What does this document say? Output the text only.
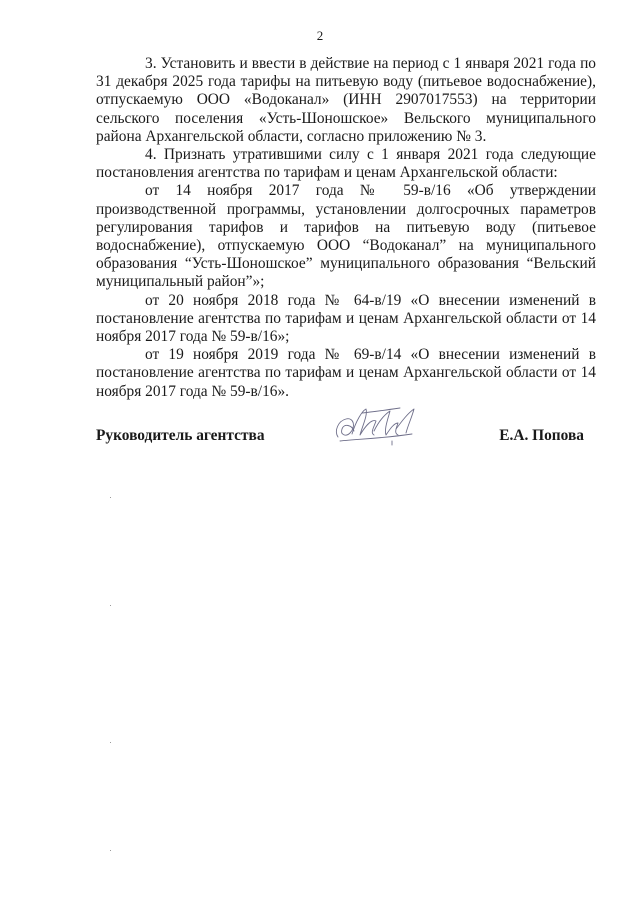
2

3. Установить и ввести в действие на период с 1 января 2021 года по 31 декабря 2025 года тарифы на питьевую воду (питьевое водоснабжение), отпускаемую ООО «Водоканал» (ИНН 2907017553) на территории сельского поселения «Усть-Шоношское» Вельского муниципального района Архангельской области, согласно приложению № 3.

4. Признать утратившими силу с 1 января 2021 года следующие постановления агентства по тарифам и ценам Архангельской области:

от 14 ноября 2017 года № 59-в/16 «Об утверждении производственной программы, установлении долгосрочных параметров регулирования тарифов и тарифов на питьевую воду (питьевое водоснабжение), отпускаемую ООО “Водоканал” на муниципального образования “Усть-Шоношское” муниципального образования “Вельский муниципальный район”»;

от 20 ноября 2018 года № 64-в/19 «О внесении изменений в постановление агентства по тарифам и ценам Архангельской области от 14 ноября 2017 года № 59-в/16»;

от 19 ноября 2019 года № 69-в/14 «О внесении изменений в постановление агентства по тарифам и ценам Архангельской области от 14 ноября 2017 года № 59-в/16».

Руководитель агентства	Е.А. Попова
